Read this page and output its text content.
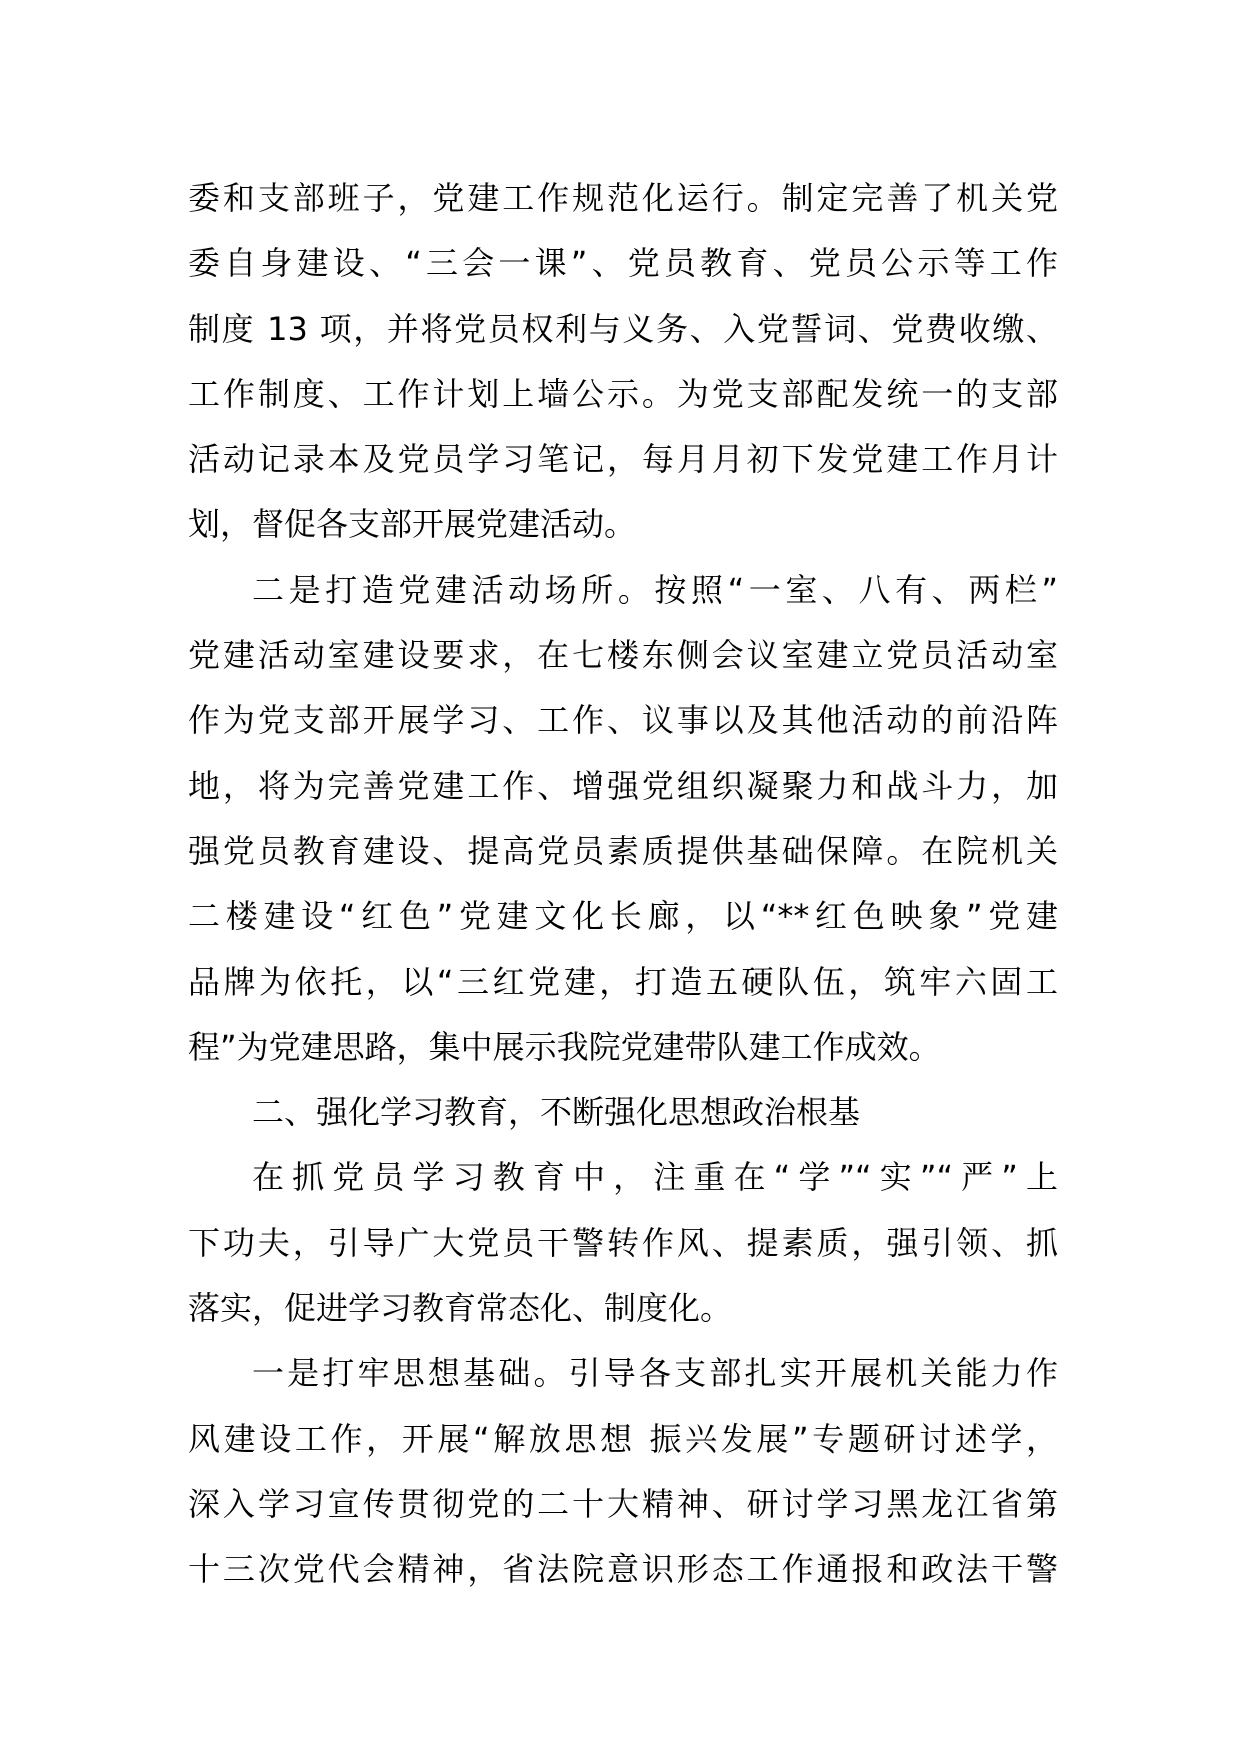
委和支部班子，党建工作规范化运行。制定完善了机关党
委自身建设、“三会一课”、党员教育、党员公示等工作
制度 13 项，并将党员权利与义务、入党誓词、党费收缴、
工作制度、工作计划上墙公示。为党支部配发统一的支部
活动记录本及党员学习笔记，每月月初下发党建工作月计
划，督促各支部开展党建活动。
二是打造党建活动场所。按照“一室、八有、两栏”
党建活动室建设要求，在七楼东侧会议室建立党员活动室
作为党支部开展学习、工作、议事以及其他活动的前沿阵
地，将为完善党建工作、增强党组织凝聚力和战斗力，加
强党员教育建设、提高党员素质提供基础保障。在院机关
二楼建设“红色”党建文化长廊，以“**红色映象”党建
品牌为依托，以“三红党建，打造五硬队伍，筑牢六固工
程”为党建思路，集中展示我院党建带队建工作成效。
二、强化学习教育，不断强化思想政治根基
在抓党员学习教育中，注重在“学”“实”“严”上
下功夫，引导广大党员干警转作风、提素质，强引领、抓
落实，促进学习教育常态化、制度化。
一是打牢思想基础。引导各支部扎实开展机关能力作
风建设工作，开展“解放思想 振兴发展”专题研讨述学，
深入学习宣传贯彻党的二十大精神、研讨学习黑龙江省第
十三次党代会精神，省法院意识形态工作通报和政法干警
